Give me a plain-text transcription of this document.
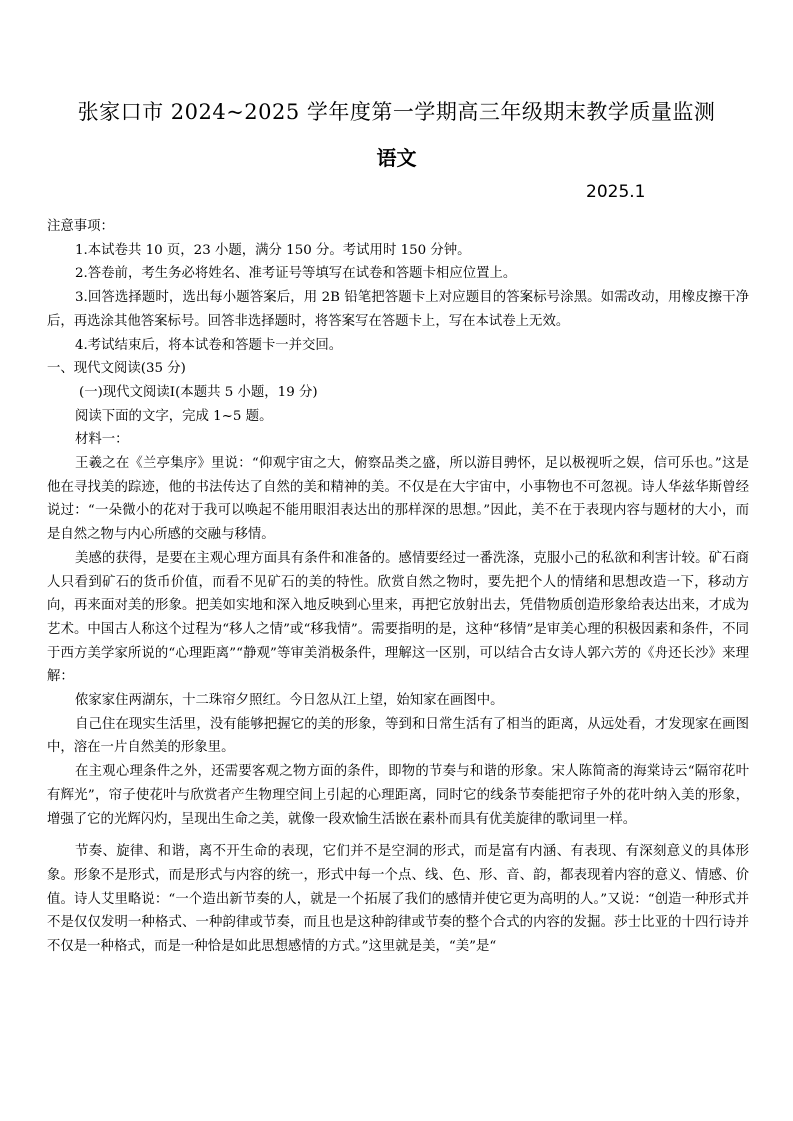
张家口市 2024~2025 学年度第一学期高三年级期末教学质量监测
语文
2025.1

注意事项：

1.本试卷共 10 页，23 小题，满分 150 分。考试用时 150 分钟。

2.答卷前，考生务必将姓名、准考证号等填写在试卷和答题卡相应位置上。

3.回答选择题时，选出每小题答案后，用 2B 铅笔把答题卡上对应题目的答案标号涂黑。如需改动，用橡皮擦干净后，再选涂其他答案标号。回答非选择题时，将答案写在答题卡上，写在本试卷上无效。

4.考试结束后，将本试卷和答题卡一并交回。

一、现代文阅读(35 分)

(一)现代文阅读Ⅰ(本题共 5 小题，19 分)

阅读下面的文字，完成 1~5 题。

材料一：

王羲之在《兰亭集序》里说：“仰观宇宙之大，俯察品类之盛，所以游目骋怀，足以极视听之娱，信可乐也。”这是他在寻找美的踪迹，他的书法传达了自然的美和精神的美。不仅是在大宇宙中，小事物也不可忽视。诗人华兹华斯曾经说过：“一朵微小的花对于我可以唤起不能用眼泪表达出的那样深的思想。”因此，美不在于表现内容与题材的大小，而是自然之物与内心所感的交融与移情。

美感的获得，是要在主观心理方面具有条件和准备的。感情要经过一番洗涤，克服小己的私欲和利害计较。矿石商人只看到矿石的货币价值，而看不见矿石的美的特性。欣赏自然之物时，要先把个人的情绪和思想改造一下，移动方向，再来面对美的形象。把美如实地和深入地反映到心里来，再把它放射出去，凭借物质创造形象给表达出来，才成为艺术。中国古人称这个过程为“移人之情”或“移我情”。需要指明的是，这种“移情”是审美心理的积极因素和条件，不同于西方美学家所说的“心理距离”“静观”等审美消极条件，理解这一区别，可以结合古女诗人郭六芳的《舟还长沙》来理解：

侬家家住两湖东，十二珠帘夕照红。今日忽从江上望，始知家在画图中。

自己住在现实生活里，没有能够把握它的美的形象，等到和日常生活有了相当的距离，从远处看，才发现家在画图中，溶在一片自然美的形象里。

在主观心理条件之外，还需要客观之物方面的条件，即物的节奏与和谐的形象。宋人陈简斋的海棠诗云“隔帘花叶有辉光”，帘子使花叶与欣赏者产生物理空间上引起的心理距离，同时它的线条节奏能把帘子外的花叶纳入美的形象，增强了它的光辉闪灼，呈现出生命之美，就像一段欢愉生活嵌在素朴而具有优美旋律的歌词里一样。

节奏、旋律、和谐，离不开生命的表现，它们并不是空洞的形式，而是富有内涵、有表现、有深刻意义的具体形象。形象不是形式，而是形式与内容的统一，形式中每一个点、线、色、形、音、韵，都表现着内容的意义、情感、价值。诗人艾里略说：“一个造出新节奏的人，就是一个拓展了我们的感情并使它更为高明的人。”又说：“创造一种形式并不是仅仅发明一种格式、一种韵律或节奏，而且也是这种韵律或节奏的整个合式的内容的发掘。莎士比亚的十四行诗并不仅是一种格式，而是一种恰是如此思想感情的方式。”这里就是美，“美”是“
